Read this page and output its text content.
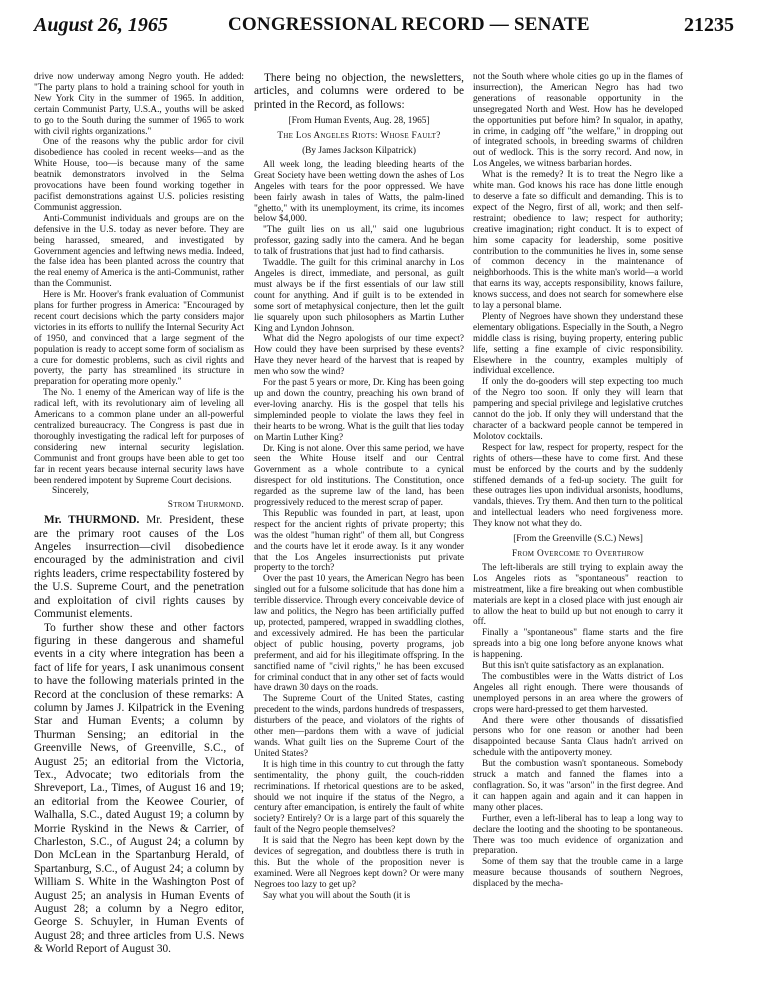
August 26, 1965	CONGRESSIONAL RECORD — SENATE	21235

drive now underway among Negro youth. He added: "The party plans to hold a training school for youth in New York City in the summer of 1965. In addition, certain Communist Party, U.S.A., youths will be asked to go to the South during the summer of 1965 to work with civil rights organizations."

One of the reasons why the public ardor for civil disobedience has cooled in recent weeks—and as the White House, too—is because many of the same beatnik demonstrators involved in the Selma provocations have been found working together in pacifist demonstrations against U.S. policies resisting Communist aggression.

Anti-Communist individuals and groups are on the defensive in the U.S. today as never before. They are being harassed, smeared, and investigated by Government agencies and leftwing news media. Indeed, the false idea has been planted across the country that the real enemy of America is the anti-Communist, rather than the Communist.

Here is Mr. Hoover's frank evaluation of Communist plans for further progress in America: "Encouraged by recent court decisions which the party considers major victories in its efforts to nullify the Internal Security Act of 1950, and convinced that a large segment of the population is ready to accept some form of socialism as a cure for domestic problems, such as civil rights and poverty, the party has streamlined its structure in preparation for operating more openly."

The No. 1 enemy of the American way of life is the radical left, with its revolutionary aim of leveling all Americans to a common plane under an all-powerful centralized bureaucracy. The Congress is past due in thoroughly investigating the radical left for purposes of considering new internal security legislation. Communist and front groups have been able to get too far in recent years because internal security laws have been rendered impotent by Supreme Court decisions.

Sincerely,

Strom Thurmond.

Mr. THURMOND. Mr. President, these are the primary root causes of the Los Angeles insurrection—civil disobedience encouraged by the administration and civil rights leaders, crime respectability fostered by the U.S. Supreme Court, and the penetration and exploitation of civil rights causes by Communist elements.

To further show these and other factors figuring in these dangerous and shameful events in a city where integration has been a fact of life for years, I ask unanimous consent to have the following materials printed in the Record at the conclusion of these remarks: A column by James J. Kilpatrick in the Evening Star and Human Events; a column by Thurman Sensing; an editorial in the Greenville News, of Greenville, S.C., of August 25; an editorial from the Victoria, Tex., Advocate; two editorials from the Shreveport, La., Times, of August 16 and 19; an editorial from the Keowee Courier, of Walhalla, S.C., dated August 19; a column by Morrie Ryskind in the News & Carrier, of Charleston, S.C., of August 24; a column by Don McLean in the Spartanburg Herald, of Spartanburg, S.C., of August 24; a column by William S. White in the Washington Post of August 25; an analysis in Human Events of August 28; a column by a Negro editor, George S. Schuyler, in Human Events of August 28; and three articles from U.S. News & World Report of August 30.

There being no objection, the newsletters, articles, and columns were ordered to be printed in the Record, as follows:

[From Human Events, Aug. 28, 1965]

The Los Angeles Riots: Whose Fault?

(By James Jackson Kilpatrick)

All week long, the leading bleeding hearts of the Great Society have been wetting down the ashes of Los Angeles with tears for the poor oppressed. We have been fairly awash in tales of Watts, the palm-lined "ghetto," with its unemployment, its crime, its incomes below $4,000.

"The guilt lies on us all," said one lugubrious professor, gazing sadly into the camera. And he began to talk of frustrations that just had to find catharsis.

Twaddle. The guilt for this criminal anarchy in Los Angeles is direct, immediate, and personal, as guilt must always be if the first essentials of our law still count for anything. And if guilt is to be extended in some sort of metaphysical conjecture, then let the guilt lie squarely upon such philosophers as Martin Luther King and Lyndon Johnson.

What did the Negro apologists of our time expect? How could they have been surprised by these events? Have they never heard of the harvest that is reaped by men who sow the wind?

For the past 5 years or more, Dr. King has been going up and down the country, preaching his own brand of ever-loving anarchy. His is the gospel that tells his simpleminded people to violate the laws they feel in their hearts to be wrong. What is the guilt that lies today on Martin Luther King?

Dr. King is not alone. Over this same period, we have seen the White House itself and our Central Government as a whole contribute to a cynical disrespect for old institutions. The Constitution, once regarded as the supreme law of the land, has been progressively reduced to the merest scrap of paper.

This Republic was founded in part, at least, upon respect for the ancient rights of private property; this was the oldest "human right" of them all, but Congress and the courts have let it erode away. Is it any wonder that the Los Angeles insurrectionists put private property to the torch?

Over the past 10 years, the American Negro has been singled out for a fulsome solicitude that has done him a terrible disservice. Through every conceivable device of law and politics, the Negro has been artificially puffed up, protected, pampered, wrapped in swaddling clothes, and excessively admired. He has been the particular object of public housing, poverty programs, job preferment, and aid for his illegitimate offspring. In the sanctified name of "civil rights," he has been excused for criminal conduct that in any other set of facts would have drawn 30 days on the roads.

The Supreme Court of the United States, casting precedent to the winds, pardons hundreds of trespassers, disturbers of the peace, and violators of the rights of other men—pardons them with a wave of judicial wands. What guilt lies on the Supreme Court of the United States?

It is high time in this country to cut through the fatty sentimentality, the phony guilt, the couch-ridden recriminations. If rhetorical questions are to be asked, should we not inquire if the status of the Negro, a century after emancipation, is entirely the fault of white society? Entirely? Or is a large part of this squarely the fault of the Negro people themselves?

It is said that the Negro has been kept down by the devices of segregation, and doubtless there is truth in this. But the whole of the proposition never is examined. Were all Negroes kept down? Or were many Negroes too lazy to get up?

Say what you will about the South (it is

not the South where whole cities go up in the flames of insurrection), the American Negro has had two generations of reasonable opportunity in the unsegregated North and West. How has he developed the opportunities put before him? In squalor, in apathy, in crime, in cadging off "the welfare," in dropping out of integrated schools, in breeding swarms of children out of wedlock. This is the sorry record. And now, in Los Angeles, we witness barbarian hordes.

What is the remedy? It is to treat the Negro like a white man. God knows his race has done little enough to deserve a fate so difficult and demanding. This is to expect of the Negro, first of all, work; and then self-restraint; obedience to law; respect for authority; creative imagination; right conduct. It is to expect of him some capacity for leadership, some positive contribution to the communities he lives in, some sense of common decency in the maintenance of neighborhoods. This is the white man's world—a world that earns its way, accepts responsibility, knows failure, knows success, and does not search for somewhere else to lay a personal blame.

Plenty of Negroes have shown they understand these elementary obligations. Especially in the South, a Negro middle class is rising, buying property, entering public life, setting a fine example of civic responsibility. Elsewhere in the country, examples multiply of individual excellence.

If only the do-gooders will step expecting too much of the Negro too soon. If only they will learn that pampering and special privilege and legislative crutches cannot do the job. If only they will understand that the character of a backward people cannot be tempered in Molotov cocktails.

Respect for law, respect for property, respect for the rights of others—these have to come first. And these must be enforced by the courts and by the suddenly stiffened demands of a fed-up society. The guilt for these outrages lies upon individual arsonists, hoodlums, vandals, thieves. Try them. And then turn to the political and intellectual leaders who need forgiveness more. They know not what they do.

[From the Greenville (S.C.) News]

From Overcome to Overthrow

The left-liberals are still trying to explain away the Los Angeles riots as "spontaneous" reaction to mistreatment, like a fire breaking out when combustible materials are kept in a closed place with just enough air to allow the heat to build up but not enough to carry it off.

Finally a "spontaneous" flame starts and the fire spreads into a big one long before anyone knows what is happening.

But this isn't quite satisfactory as an explanation.

The combustibles were in the Watts district of Los Angeles all right enough. There were thousands of unemployed persons in an area where the growers of crops were hard-pressed to get them harvested.

And there were other thousands of dissatisfied persons who for one reason or another had been disappointed because Santa Claus hadn't arrived on schedule with the antipoverty money.

But the combustion wasn't spontaneous. Somebody struck a match and fanned the flames into a conflagration. So, it was "arson" in the first degree. And it can happen again and again and it can happen in many other places.

Further, even a left-liberal has to leap a long way to declare the looting and the shooting to be spontaneous. There was too much evidence of organization and preparation.

Some of them say that the trouble came in a large measure because thousands of southern Negroes, displaced by the mecha-
